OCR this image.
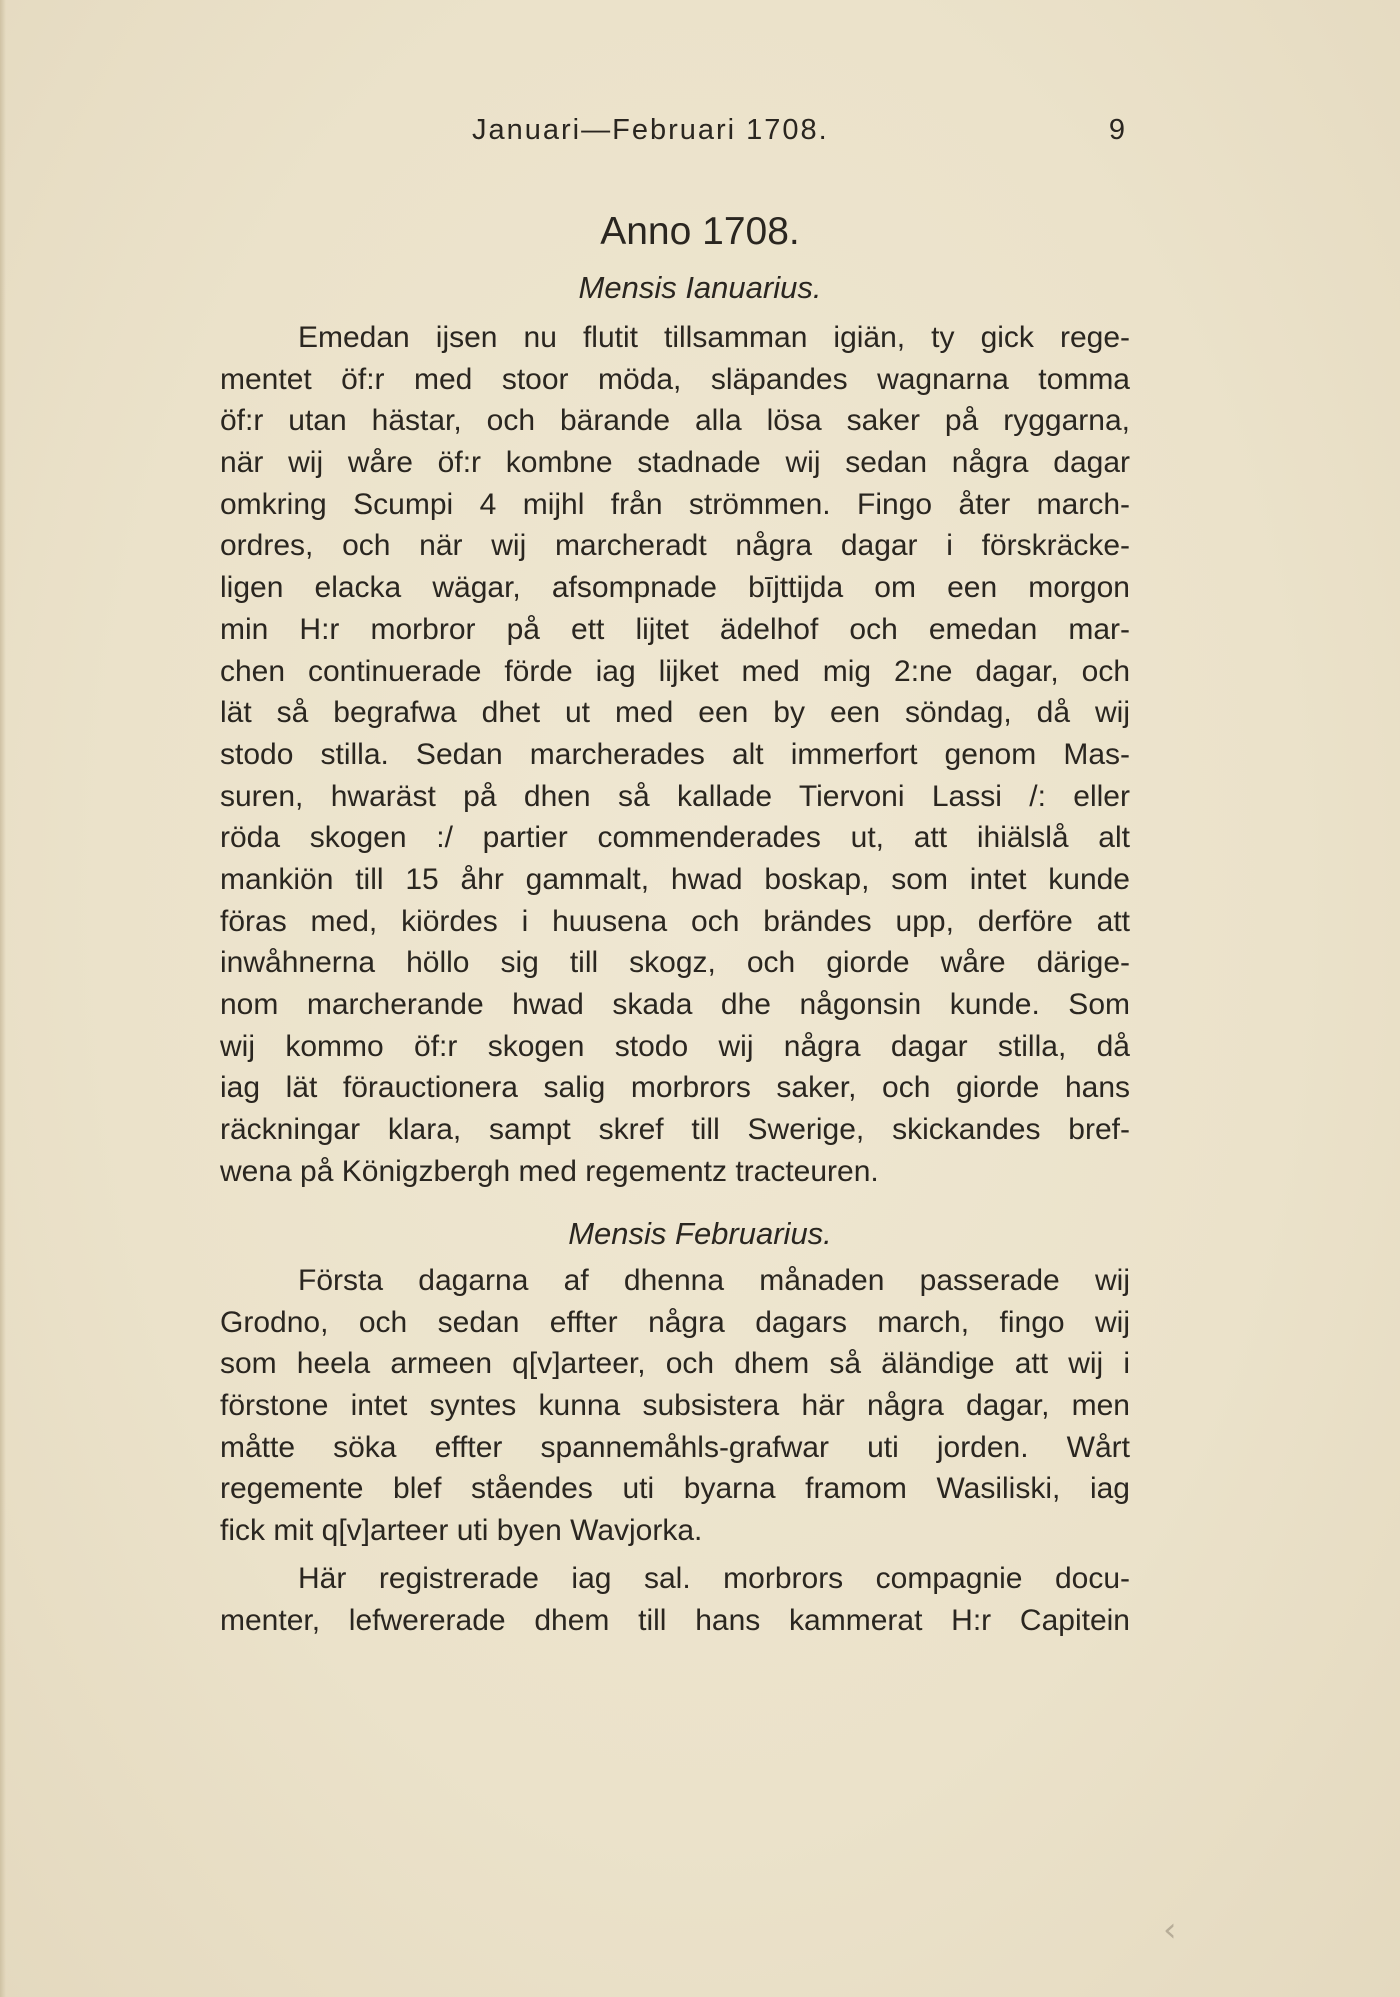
Januari—Februari 1708.	9
Anno 1708.
Mensis Ianuarius.
Emedan ijsen nu flutit tillsamman igiän, ty gick rege-
mentet öf:r med stoor möda, släpandes wagnarna tomma
öf:r utan hästar, och bärande alla lösa saker på ryggarna,
när wij wåre öf:r kombne stadnade wij sedan några dagar
omkring Scumpi 4 mijhl från strömmen. Fingo åter march-
ordres, och när wij marcheradt några dagar i förskräcke-
ligen elacka wägar, afsompnade bījttijda om een morgon
min H:r morbror på ett lijtet ädelhof och emedan mar-
chen continuerade förde iag lijket med mig 2:ne dagar, och
lät så begrafwa dhet ut med een by een söndag, då wij
stodo stilla. Sedan marcherades alt immerfort genom Mas-
suren, hwaräst på dhen så kallade Tiervoni Lassi /: eller
röda skogen :/ partier commenderades ut, att ihiälslå alt
mankiön till 15 åhr gammalt, hwad boskap, som intet kunde
föras med, kiördes i huusena och brändes upp, derföre att
inwåhnerna höllo sig till skogz, och giorde wåre därige-
nom marcherande hwad skada dhe någonsin kunde. Som
wij kommo öf:r skogen stodo wij några dagar stilla, då
iag lät förauctionera salig morbrors saker, och giorde hans
räckningar klara, sampt skref till Swerige, skickandes bref-
wena på Königzbergh med regementz tracteuren.
Mensis Februarius.
Första dagarna af dhenna månaden passerade wij
Grodno, och sedan effter några dagars march, fingo wij
som heela armeen q[v]arteer, och dhem så äländige att wij i
förstone intet syntes kunna subsistera här några dagar, men
måtte söka effter spannemåhls-grafwar uti jorden. Wårt
regemente blef ståendes uti byarna framom Wasiliski, iag
fick mit q[v]arteer uti byen Wavjorka.
Här registrerade iag sal. morbrors compagnie docu-
menter, lefwererade dhem till hans kammerat H:r Capitein
‹
